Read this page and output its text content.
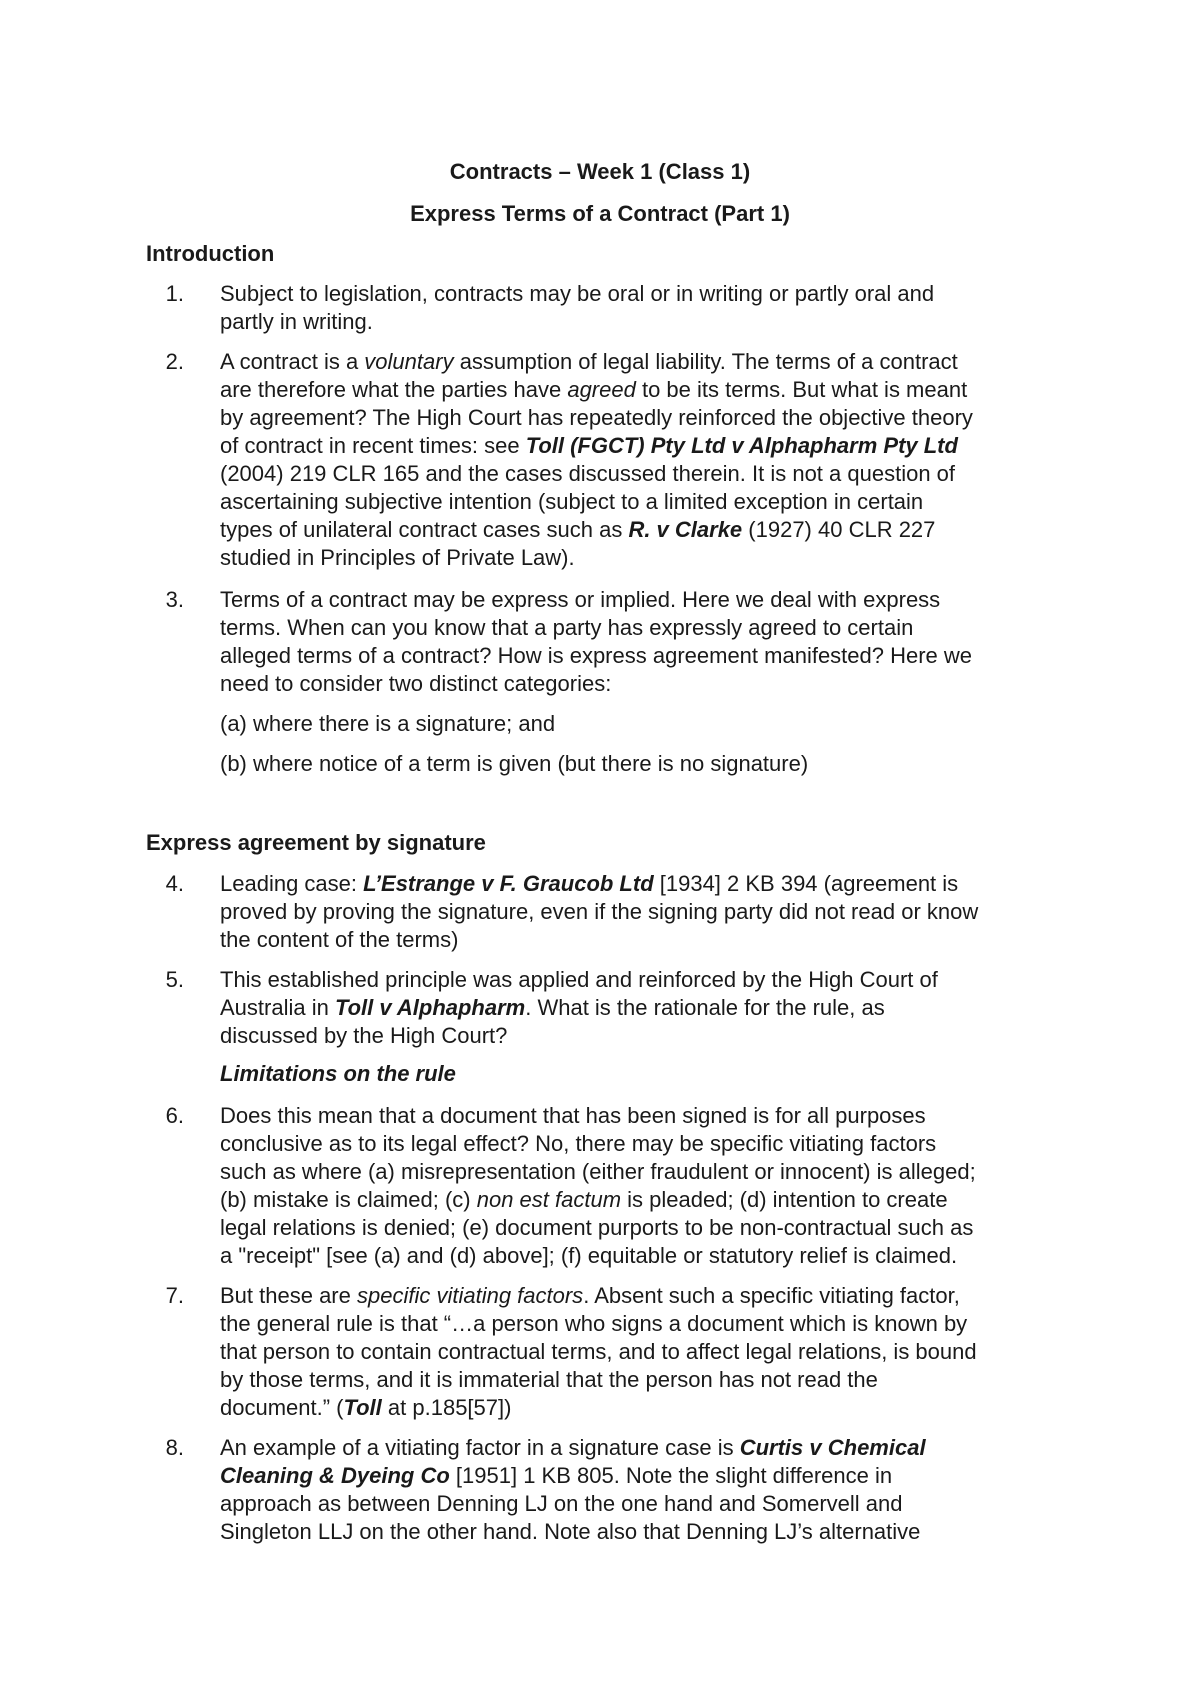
Contracts – Week 1 (Class 1)
Express Terms of a Contract (Part 1)
Introduction
1. Subject to legislation, contracts may be oral or in writing or partly oral and
partly in writing.
2. A contract is a voluntary assumption of legal liability. The terms of a contract
are therefore what the parties have agreed to be its terms. But what is meant
by agreement? The High Court has repeatedly reinforced the objective theory
of contract in recent times: see Toll (FGCT) Pty Ltd v Alphapharm Pty Ltd
(2004) 219 CLR 165 and the cases discussed therein. It is not a question of
ascertaining subjective intention (subject to a limited exception in certain
types of unilateral contract cases such as R. v Clarke (1927) 40 CLR 227
studied in Principles of Private Law).
3. Terms of a contract may be express or implied. Here we deal with express
terms. When can you know that a party has expressly agreed to certain
alleged terms of a contract? How is express agreement manifested? Here we
need to consider two distinct categories:
(a) where there is a signature; and
(b) where notice of a term is given (but there is no signature)
Express agreement by signature
4. Leading case: L’Estrange v F. Graucob Ltd [1934] 2 KB 394 (agreement is
proved by proving the signature, even if the signing party did not read or know
the content of the terms)
5. This established principle was applied and reinforced by the High Court of
Australia in Toll v Alphapharm. What is the rationale for the rule, as
discussed by the High Court?
Limitations on the rule
6. Does this mean that a document that has been signed is for all purposes
conclusive as to its legal effect? No, there may be specific vitiating factors
such as where (a) misrepresentation (either fraudulent or innocent) is alleged;
(b) mistake is claimed; (c) non est factum is pleaded; (d) intention to create
legal relations is denied; (e) document purports to be non-contractual such as
a "receipt" [see (a) and (d) above]; (f) equitable or statutory relief is claimed.
7. But these are specific vitiating factors. Absent such a specific vitiating factor,
the general rule is that “…a person who signs a document which is known by
that person to contain contractual terms, and to affect legal relations, is bound
by those terms, and it is immaterial that the person has not read the
document.” (Toll at p.185[57])
8. An example of a vitiating factor in a signature case is Curtis v Chemical
Cleaning & Dyeing Co [1951] 1 KB 805. Note the slight difference in
approach as between Denning LJ on the one hand and Somervell and
Singleton LLJ on the other hand. Note also that Denning LJ’s alternative
